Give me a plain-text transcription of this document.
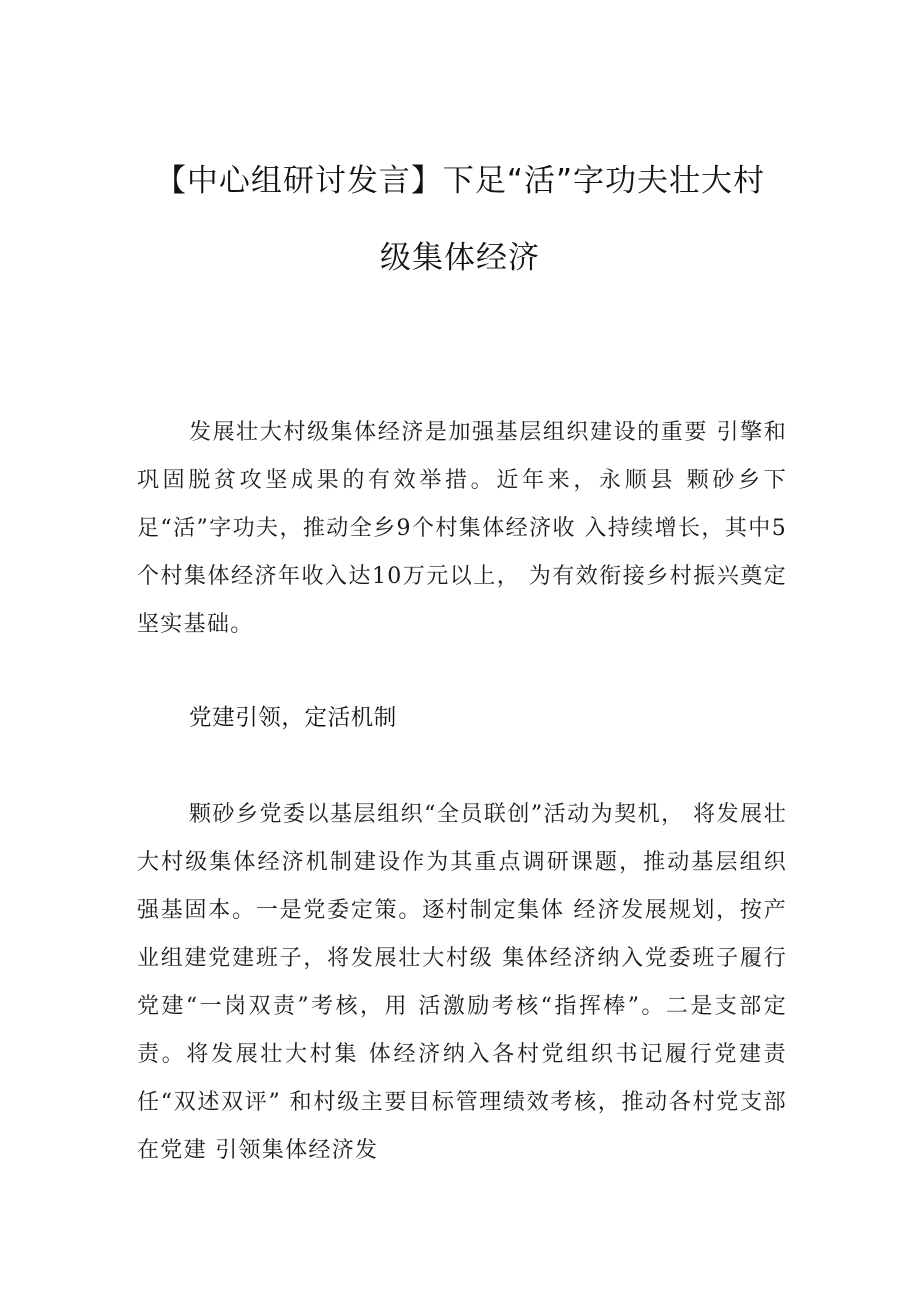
【中心组研讨发言】下足“活”字功夫壮大村
级集体经济

发展壮大村级集体经济是加强基层组织建设的重要 引擎和巩固脱贫攻坚成果的有效举措。近年来，永顺县 颗砂乡下足“活”字功夫，推动全乡9个村集体经济收 入持续增长，其中5个村集体经济年收入达10万元以上， 为有效衔接乡村振兴奠定坚实基础。

党建引领，定活机制

颗砂乡党委以基层组织“全员联创”活动为契机， 将发展壮大村级集体经济机制建设作为其重点调研课题，推动基层组织强基固本。一是党委定策。逐村制定集体 经济发展规划，按产业组建党建班子，将发展壮大村级 集体经济纳入党委班子履行党建“一岗双责”考核，用 活激励考核“指挥棒”。二是支部定责。将发展壮大村集 体经济纳入各村党组织书记履行党建责任“双述双评” 和村级主要目标管理绩效考核，推动各村党支部在党建 引领集体经济发
